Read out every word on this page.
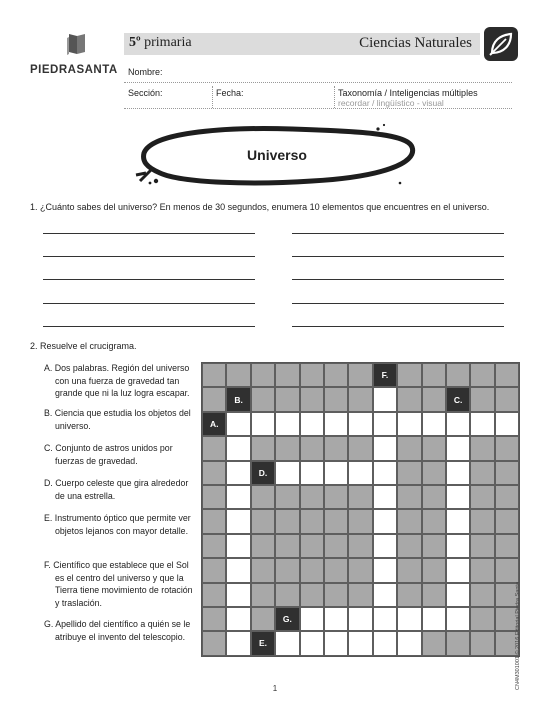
PIEDRASANTA
5º primaria	Ciencias Naturales
Nombre:
Sección:	Fecha:	Taxonomía / Inteligencias múltiples
recordar / lingüístico - visual
Universo
1. ¿Cuánto sabes del universo? En menos de 30 segundos, enumera 10 elementos que encuentres en el universo.
2. Resuelve el crucigrama.
A. Dos palabras. Región del universo con una fuerza de gravedad tan grande que ni la luz logra escapar.
B. Ciencia que estudia los objetos del universo.
C. Conjunto de astros unidos por fuerzas de gravedad.
D. Cuerpo celeste que gira alrededor de una estrella.
E. Instrumento óptico que permite ver objetos lejanos con mayor detalle.
F. Científico que establece que el Sol es el centro del universo y que la Tierra tiene movimiento de rotación y traslación.
G. Apellido del científico a quién se le atribuye el invento del telescopio.
F.
B.	C.
A.
D.
G.
E.	CN4M301001 © 2016 Editorial Piedra Santa
1
